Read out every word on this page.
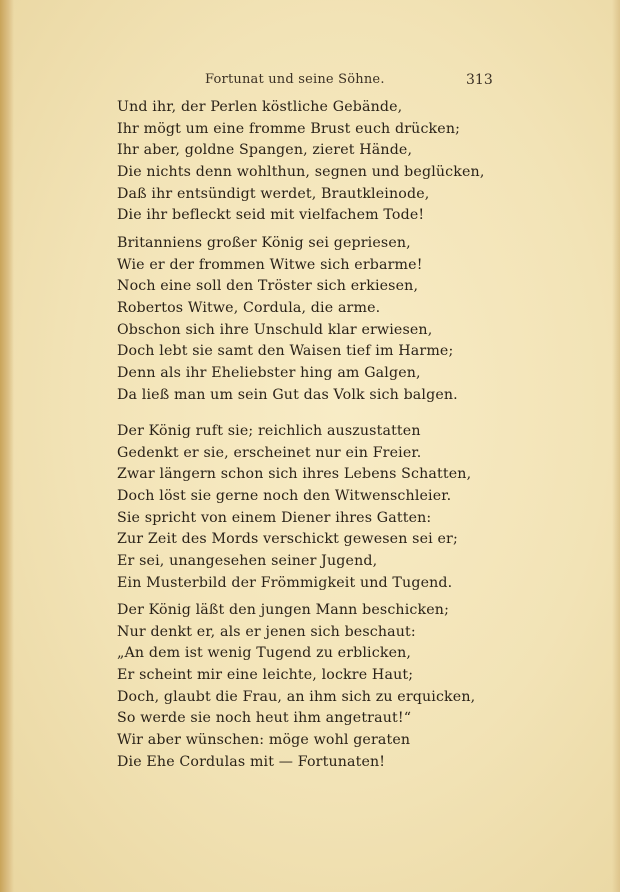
Fortunat und seine Söhne.	313
Und ihr, der Perlen köstliche Gebände,
Ihr mögt um eine fromme Brust euch drücken;
Ihr aber, goldne Spangen, zieret Hände,
Die nichts denn wohlthun, segnen und beglücken,
Daß ihr entsündigt werdet, Brautkleinode,
Die ihr befleckt seid mit vielfachem Tode!
Britanniens großer König sei gepriesen,
Wie er der frommen Witwe sich erbarme!
Noch eine soll den Tröster sich erkiesen,
Robertos Witwe, Cordula, die arme.
Obschon sich ihre Unschuld klar erwiesen,
Doch lebt sie samt den Waisen tief im Harme;
Denn als ihr Eheliebster hing am Galgen,
Da ließ man um sein Gut das Volk sich balgen.
Der König ruft sie; reichlich auszustatten
Gedenkt er sie, erscheinet nur ein Freier.
Zwar längern schon sich ihres Lebens Schatten,
Doch löst sie gerne noch den Witwenschleier.
Sie spricht von einem Diener ihres Gatten:
Zur Zeit des Mords verschickt gewesen sei er;
Er sei, unangesehen seiner Jugend,
Ein Musterbild der Frömmigkeit und Tugend.
Der König läßt den jungen Mann beschicken;
Nur denkt er, als er jenen sich beschaut:
„An dem ist wenig Tugend zu erblicken,
Er scheint mir eine leichte, lockre Haut;
Doch, glaubt die Frau, an ihm sich zu erquicken,
So werde sie noch heut ihm angetraut!“
Wir aber wünschen: möge wohl geraten
Die Ehe Cordulas mit — Fortunaten!
